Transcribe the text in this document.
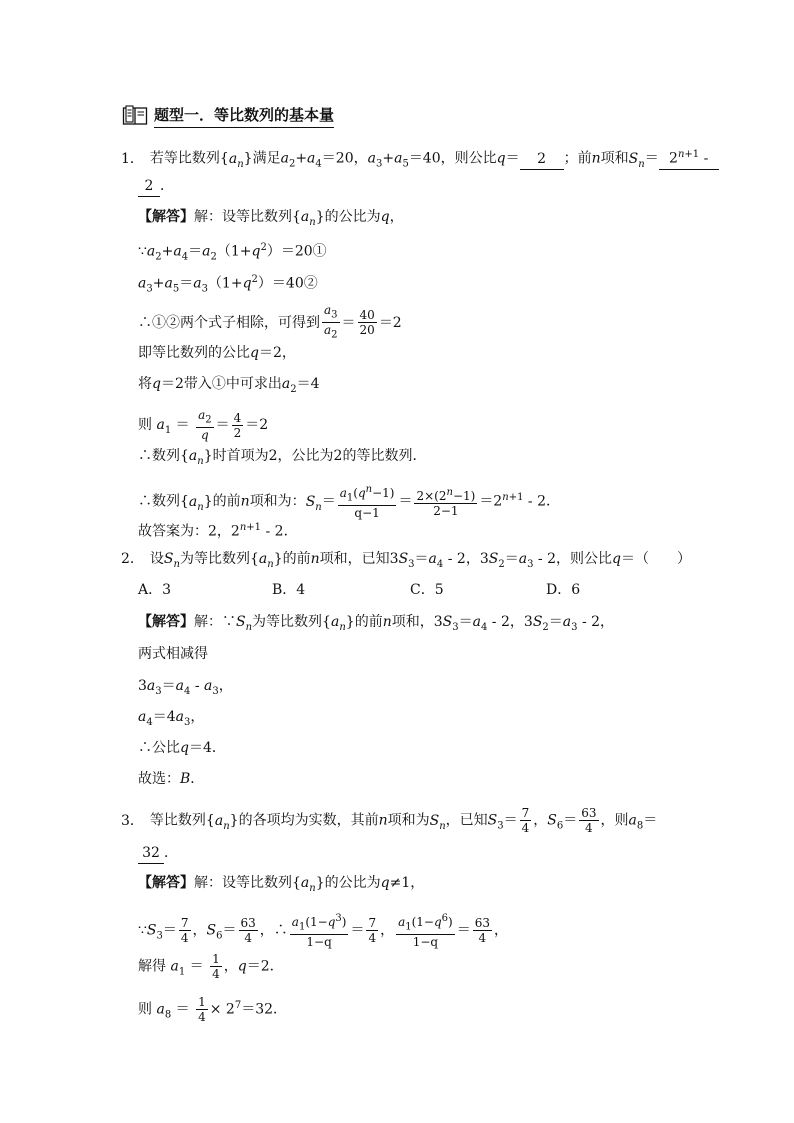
题型一．等比数列的基本量
1． 若等比数列$\{a_n\}$满足$a_2+a_4=20$，$a_3+a_5=40$，则公比q＝ 2 ；前n项和$S_n= 2^{n+1}$ -
2 ．
【解答】解：设等比数列$\{a_n\}$的公比为q，
$\because a_2+a_4=a_2(1+q^2)=20①$
$a_3+a_5=a_3(1+q^2)=40②$
∴①②两个式子相除，可得到 $\frac{a_3}{a_2} = \frac{40}{20} =2$
即等比数列的公比q＝2，
将q＝2带入①中可求出$a_2=4$
则 $a_1 = \frac{a_2}{q} = \frac{4}{2} =2$
∴数列$\{a_n\}$时首项为2，公比为2的等比数列．
∴数列$\{a_n\}$的前n项和为：$S_n= \frac{a_1(q^n-1)}{q-1} = \frac{2\times(2^n-1)}{2-1} =2^{n+1} - 2$．
故答案为：2，$2^{n+1} - 2$．
2． 设$S_n$为等比数列$\{a_n\}$的前n项和，已知$3S_3=a_4 - 2$，$3S_2=a_3 - 2$，则公比q＝（　　）
A．3	B．4	C．5	D．6
【解答】解：$\because S_n$为等比数列$\{a_n\}$的前n项和，$3S_3=a_4 - 2$，$3S_2=a_3 - 2$，
两式相减得
$3a_3=a_4 - a_3$，
$a_4=4a_3$，
∴公比q＝4．
故选：B．
3． 等比数列$\{a_n\}$的各项均为实数，其前n项和为$S_n$，已知$S_3= \frac{7}{4}$ ，$S_6= \frac{63}{4}$ ，则$a_8=$
32 ．
【解答】解：设等比数列$\{a_n\}$的公比为q≠1，
$\because S_3= \frac{7}{4}$ ，$S_6= \frac{63}{4}$ ，∴ $\frac{a_1(1-q^3)}{1-q} = \frac{7}{4}$ ， $\frac{a_1(1-q^6)}{1-q} = \frac{63}{4}$ ，
解得 $a_1 = \frac{1}{4}$ ，q＝2．
则 $a_8 = \frac{1}{4} \times 2^7=32$．
